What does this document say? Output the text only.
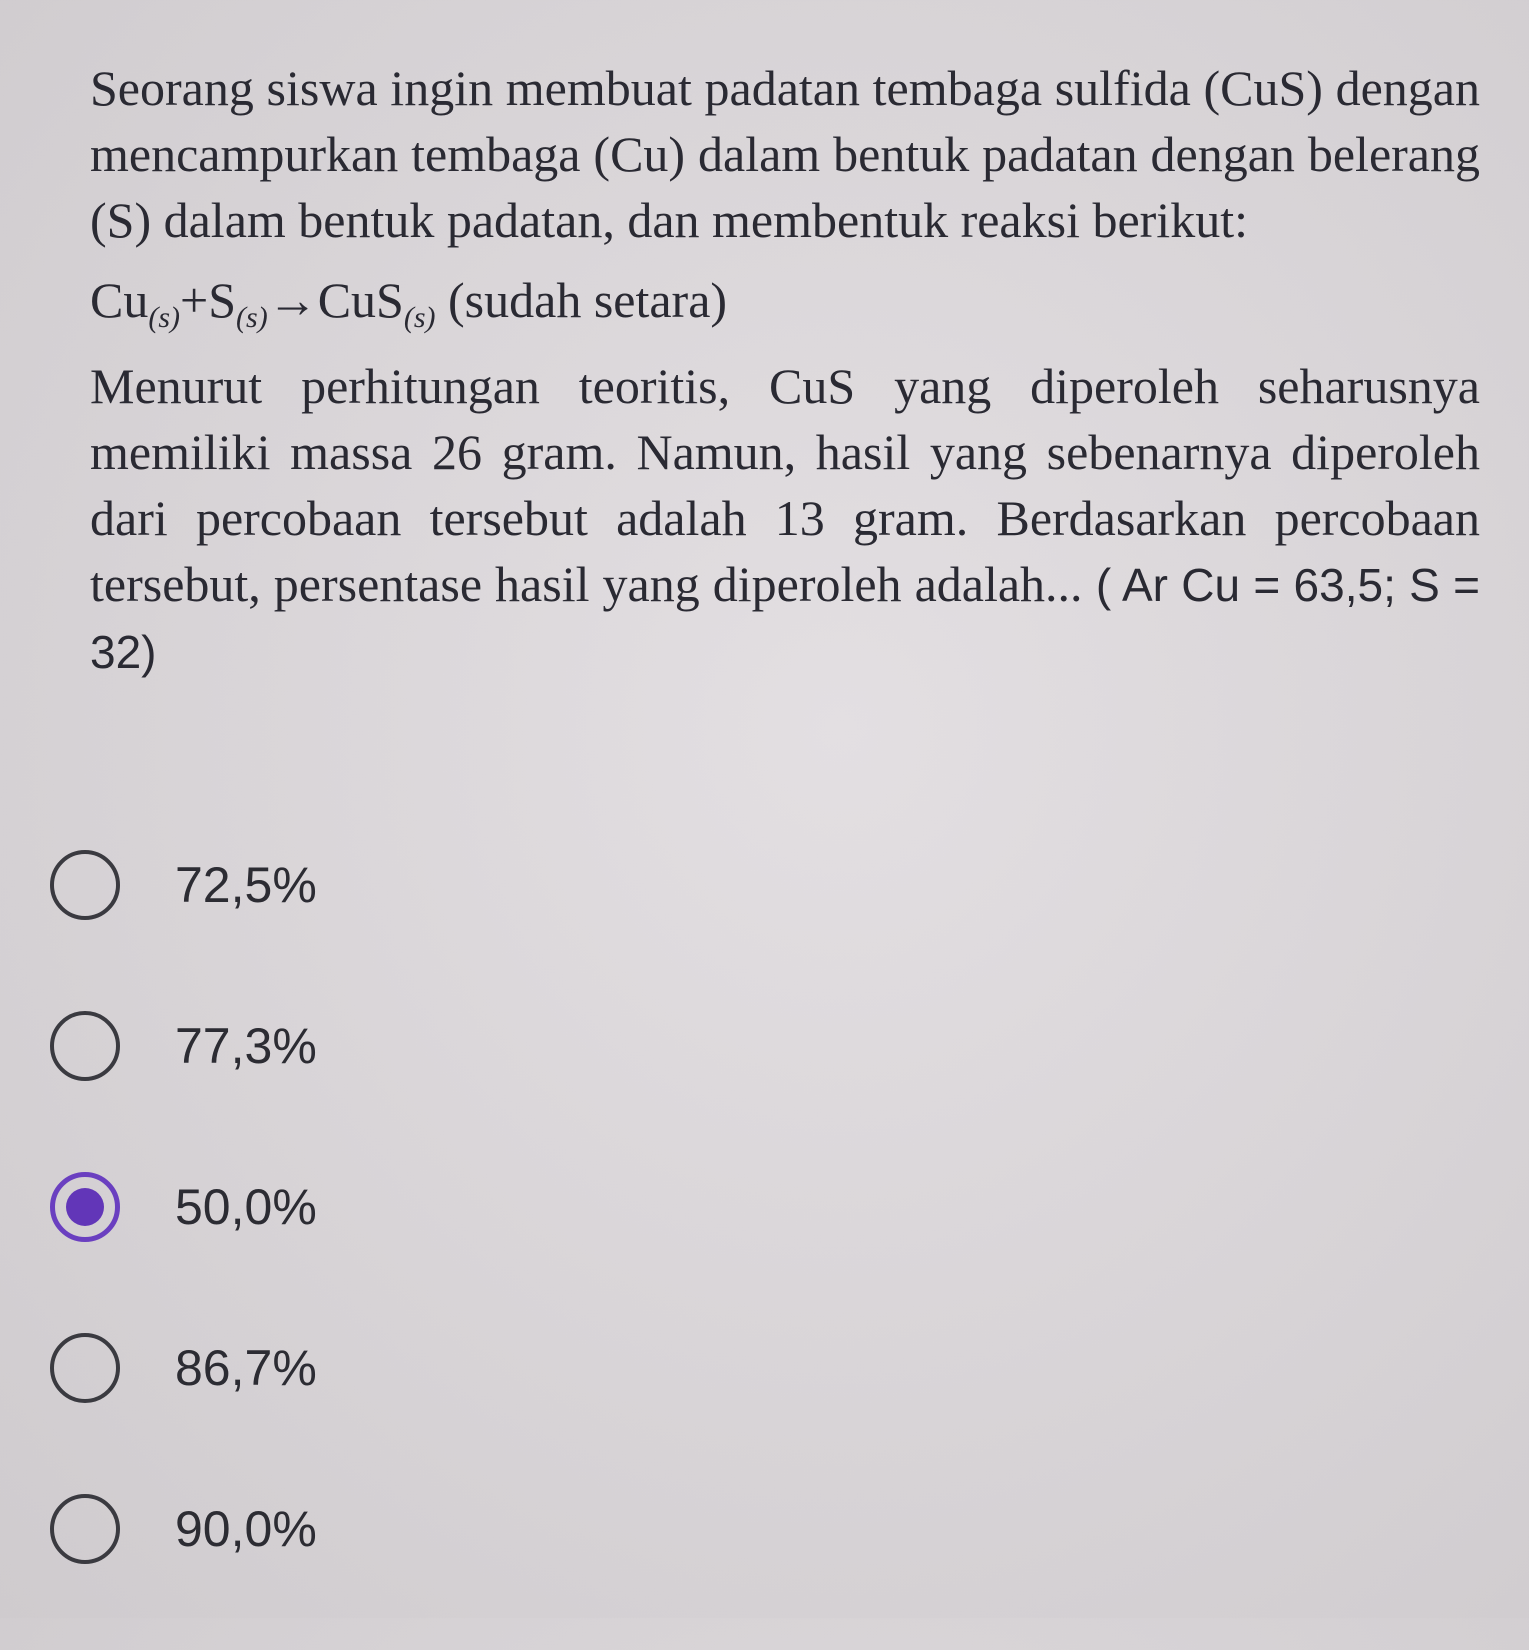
Seorang siswa ingin membuat padatan tembaga sulfida (CuS) dengan mencampurkan tembaga (Cu) dalam bentuk padatan dengan belerang (S) dalam bentuk padatan, dan membentuk reaksi berikut:

$Cu_{(s)}+S_{(s)}\to CuS_{(s)}$ (sudah setara)

Menurut perhitungan teoritis, CuS yang diperoleh seharusnya memiliki massa 26 gram. Namun, hasil yang sebenarnya diperoleh dari percobaan tersebut adalah 13 gram. Berdasarkan percobaan tersebut, persentase hasil yang diperoleh adalah... ( Ar Cu = 63,5; S = 32)

72,5%
77,3%
50,0%
86,7%
90,0%
